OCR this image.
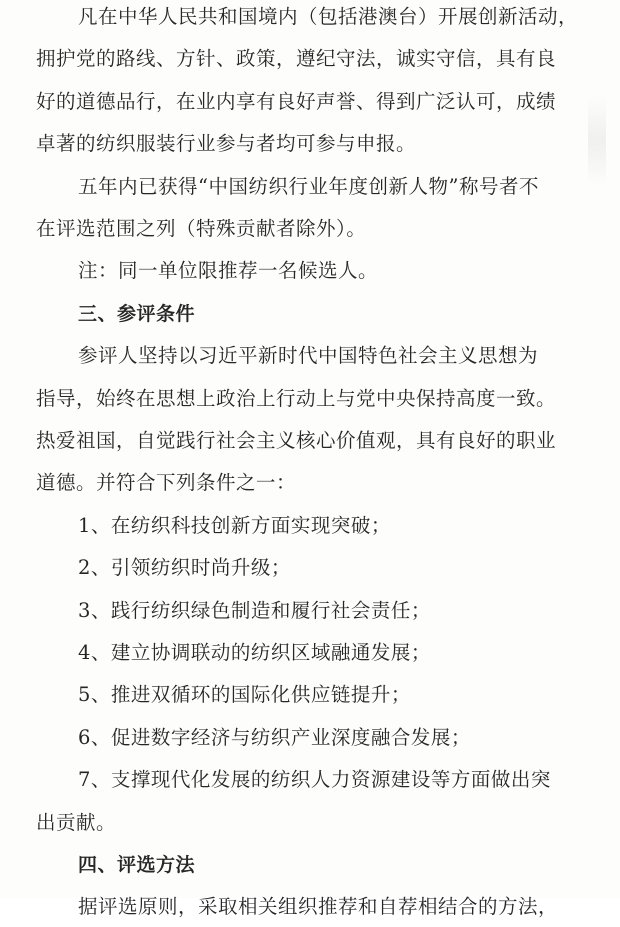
凡在中华人民共和国境内（包括港澳台）开展创新活动，

拥护党的路线、方针、政策，遵纪守法，诚实守信，具有良

好的道德品行，在业内享有良好声誉、得到广泛认可，成绩

卓著的纺织服装行业参与者均可参与申报。

五年内已获得“中国纺织行业年度创新人物”称号者不

在评选范围之列（特殊贡献者除外）。

注：同一单位限推荐一名候选人。

三、参评条件

参评人坚持以习近平新时代中国特色社会主义思想为

指导，始终在思想上政治上行动上与党中央保持高度一致。

热爱祖国，自觉践行社会主义核心价值观，具有良好的职业

道德。并符合下列条件之一：

1、在纺织科技创新方面实现突破；

2、引领纺织时尚升级；

3、践行纺织绿色制造和履行社会责任；

4、建立协调联动的纺织区域融通发展；

5、推进双循环的国际化供应链提升；

6、促进数字经济与纺织产业深度融合发展；

7、支撑现代化发展的纺织人力资源建设等方面做出突

出贡献。

四、评选方法

据评选原则，采取相关组织推荐和自荐相结合的方法，
